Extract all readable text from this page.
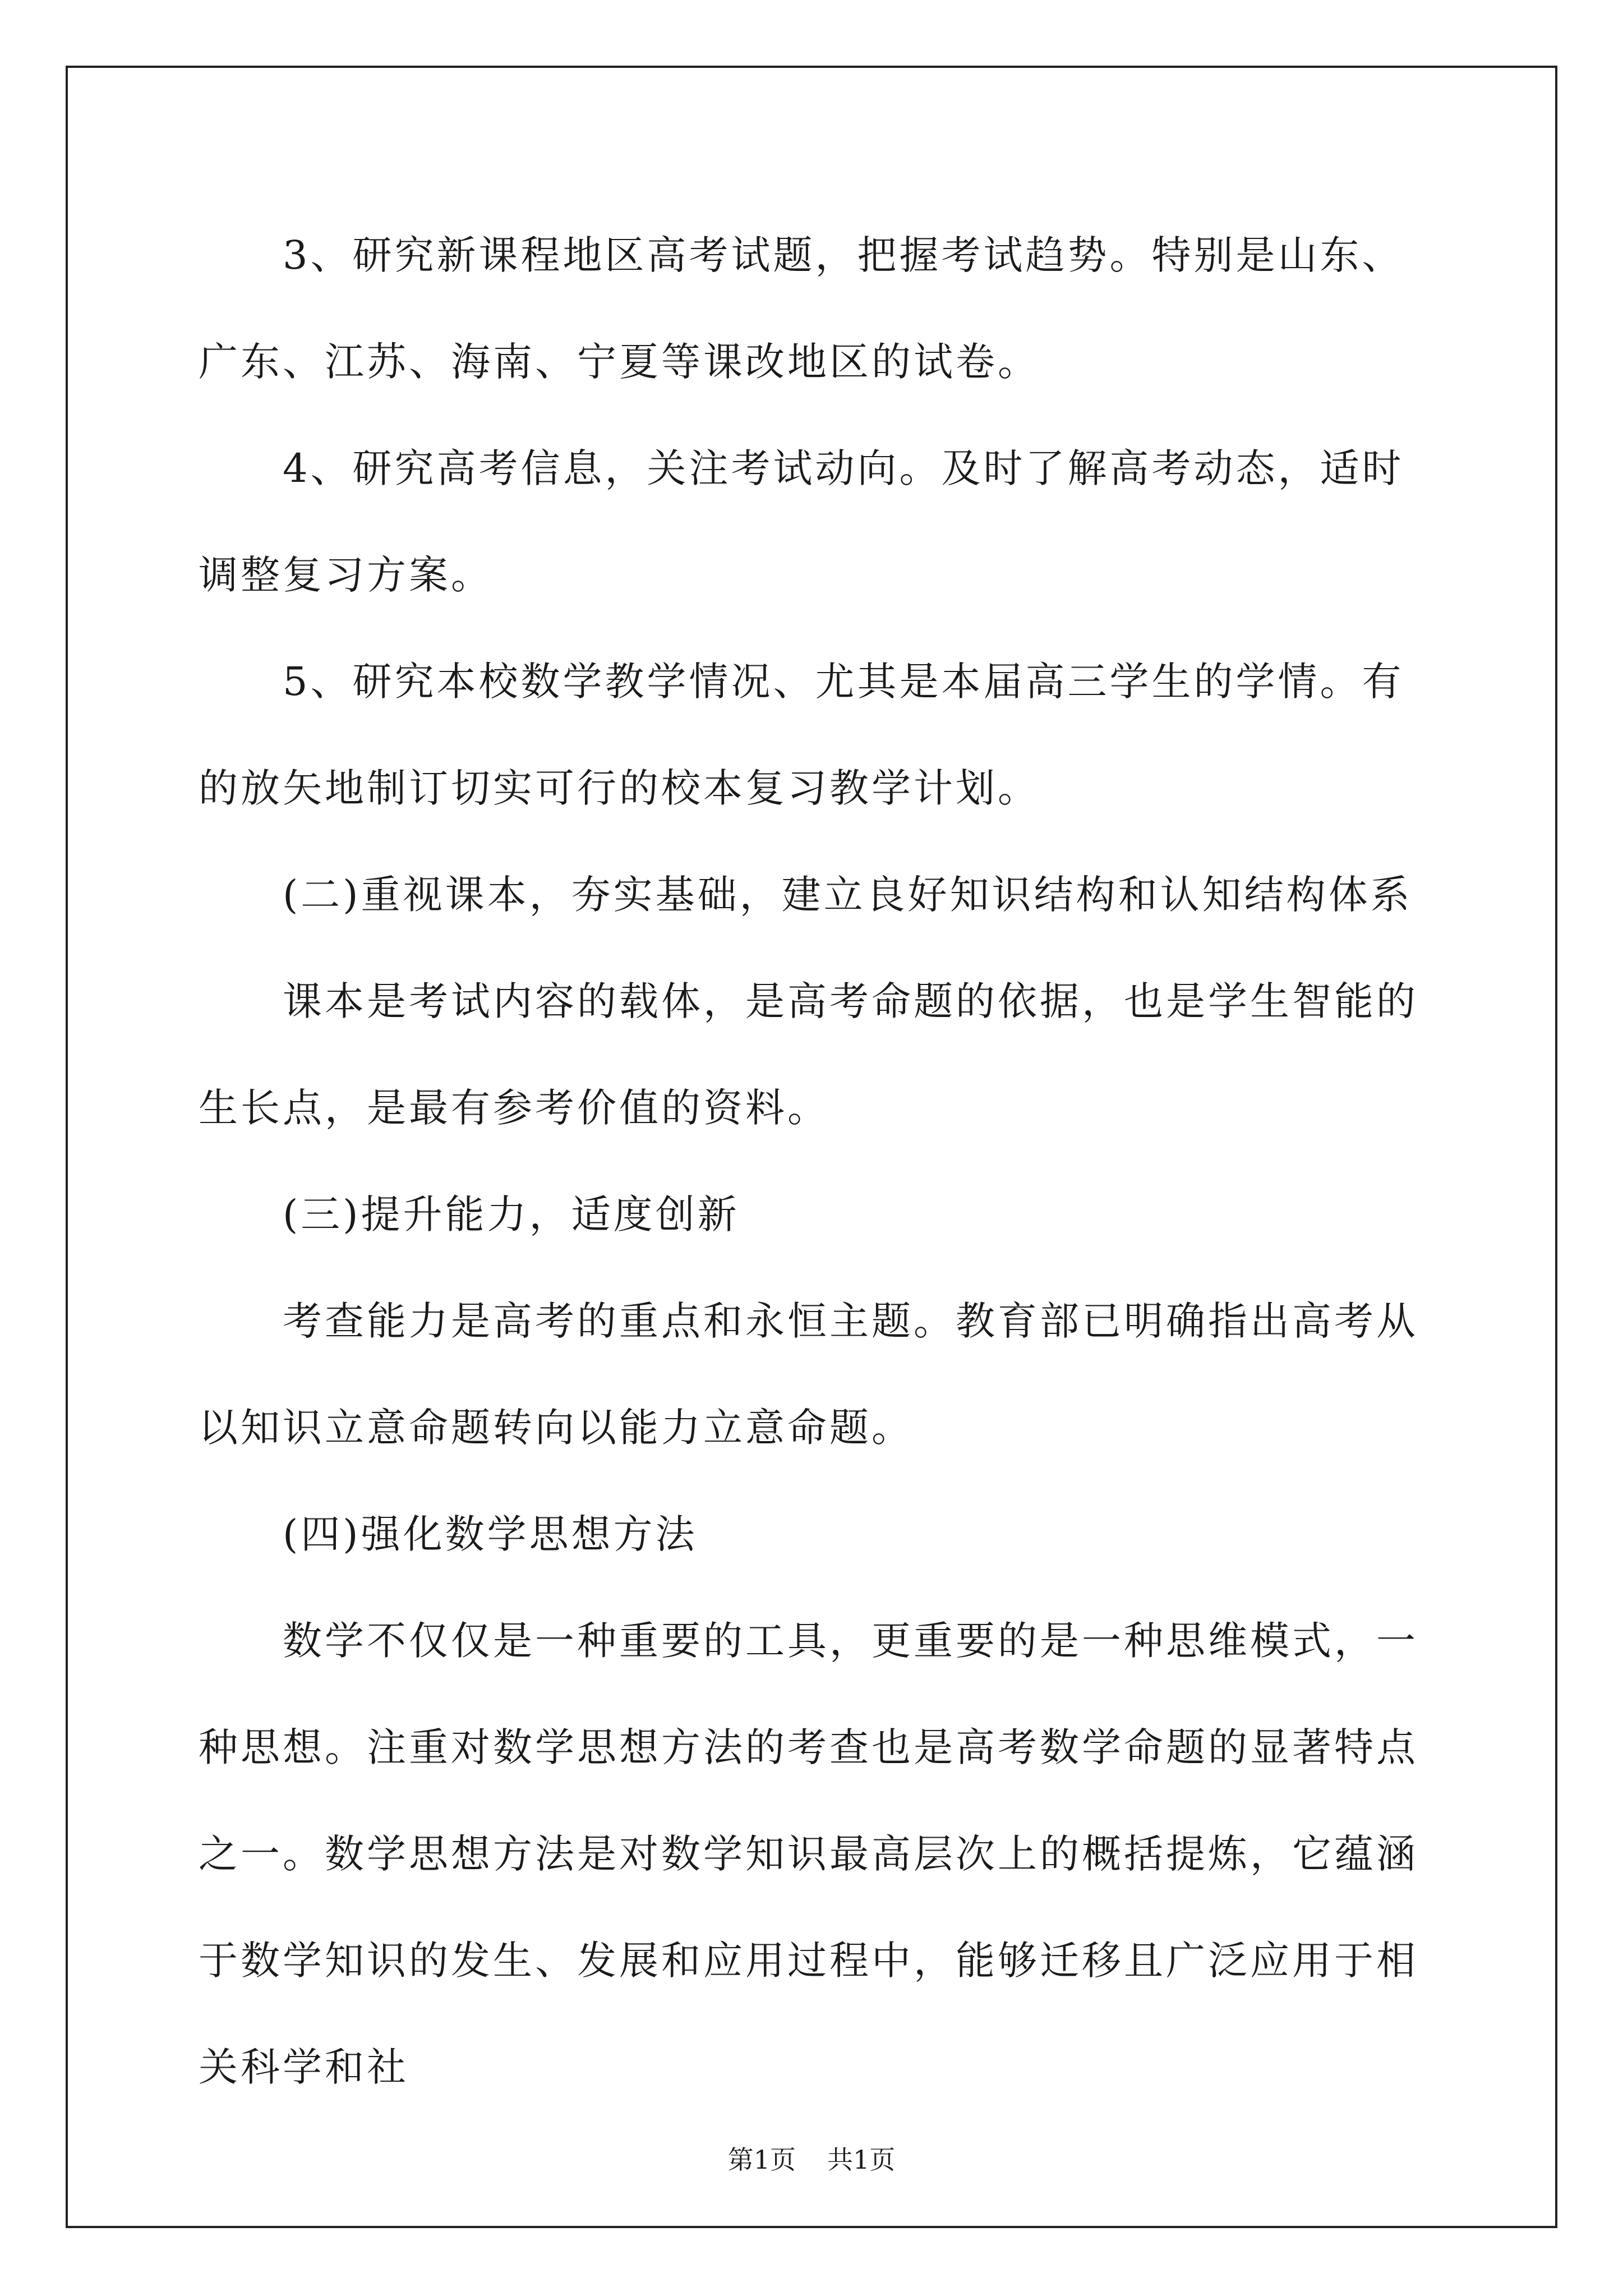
3、研究新课程地区高考试题，把握考试趋势。特别是山东、广东、江苏、海南、宁夏等课改地区的试卷。

4、研究高考信息，关注考试动向。及时了解高考动态，适时调整复习方案。

5、研究本校数学教学情况、尤其是本届高三学生的学情。有的放矢地制订切实可行的校本复习教学计划。

(二)重视课本，夯实基础，建立良好知识结构和认知结构体系

课本是考试内容的载体，是高考命题的依据，也是学生智能的生长点，是最有参考价值的资料。

(三)提升能力，适度创新

考查能力是高考的重点和永恒主题。教育部已明确指出高考从以知识立意命题转向以能力立意命题。

(四)强化数学思想方法

数学不仅仅是一种重要的工具，更重要的是一种思维模式，一种思想。注重对数学思想方法的考查也是高考数学命题的显著特点之一。数学思想方法是对数学知识最高层次上的概括提炼，它蕴涵于数学知识的发生、发展和应用过程中，能够迁移且广泛应用于相关科学和社

第1页 共1页
